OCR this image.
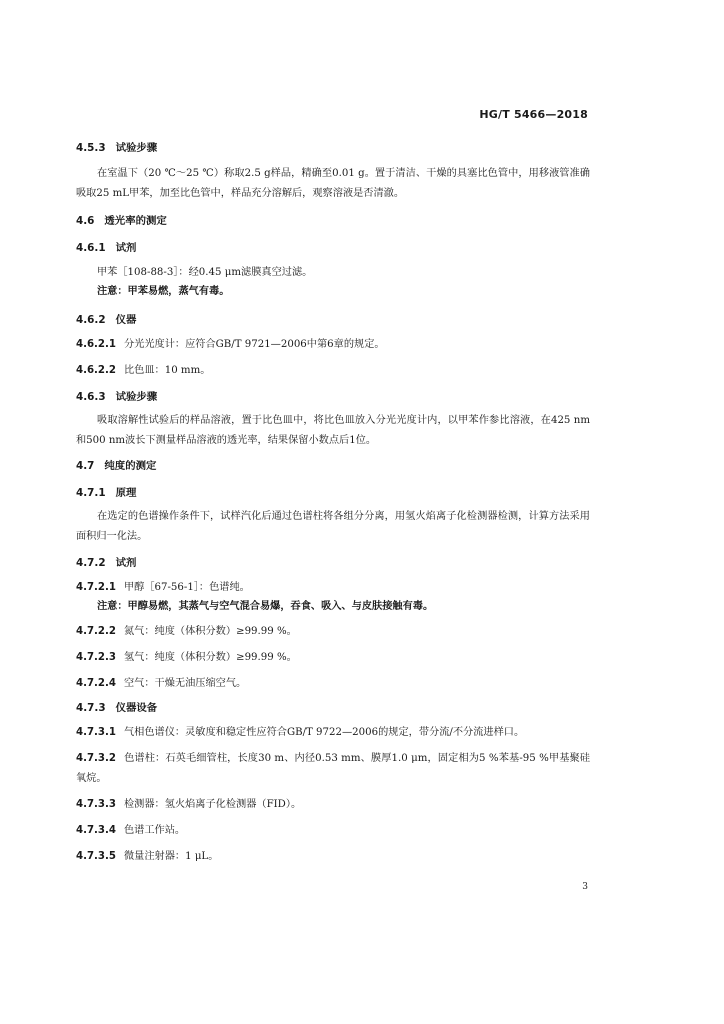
HG/T 5466—2018

4.5.3 试验步骤

在室温下（20 ℃～25 ℃）称取2.5 g样品，精确至0.01 g。置于清洁、干燥的具塞比色管中，用移液管准确吸取25 mL甲苯，加至比色管中，样品充分溶解后，观察溶液是否清澈。

4.6 透光率的测定

4.6.1 试剂

甲苯［108-88-3］：经0.45 μm滤膜真空过滤。

注意：甲苯易燃，蒸气有毒。

4.6.2 仪器

4.6.2.1 分光光度计：应符合GB/T 9721—2006中第6章的规定。

4.6.2.2 比色皿：10 mm。

4.6.3 试验步骤

吸取溶解性试验后的样品溶液，置于比色皿中，将比色皿放入分光光度计内，以甲苯作参比溶液，在425 nm和500 nm波长下测量样品溶液的透光率，结果保留小数点后1位。

4.7 纯度的测定

4.7.1 原理

在选定的色谱操作条件下，试样汽化后通过色谱柱将各组分分离，用氢火焰离子化检测器检测，计算方法采用面积归一化法。

4.7.2 试剂

4.7.2.1 甲醇［67-56-1］：色谱纯。

注意：甲醇易燃，其蒸气与空气混合易爆，吞食、吸入、与皮肤接触有毒。

4.7.2.2 氮气：纯度（体积分数）≥99.99 %。

4.7.2.3 氢气：纯度（体积分数）≥99.99 %。

4.7.2.4 空气：干燥无油压缩空气。

4.7.3 仪器设备

4.7.3.1 气相色谱仪：灵敏度和稳定性应符合GB/T 9722—2006的规定，带分流/不分流进样口。

4.7.3.2 色谱柱：石英毛细管柱，长度30 m、内径0.53 mm、膜厚1.0 μm，固定相为5 %苯基-95 %甲基聚硅氧烷。

4.7.3.3 检测器：氢火焰离子化检测器（FID）。

4.7.3.4 色谱工作站。

4.7.3.5 微量注射器：1 μL。

3
